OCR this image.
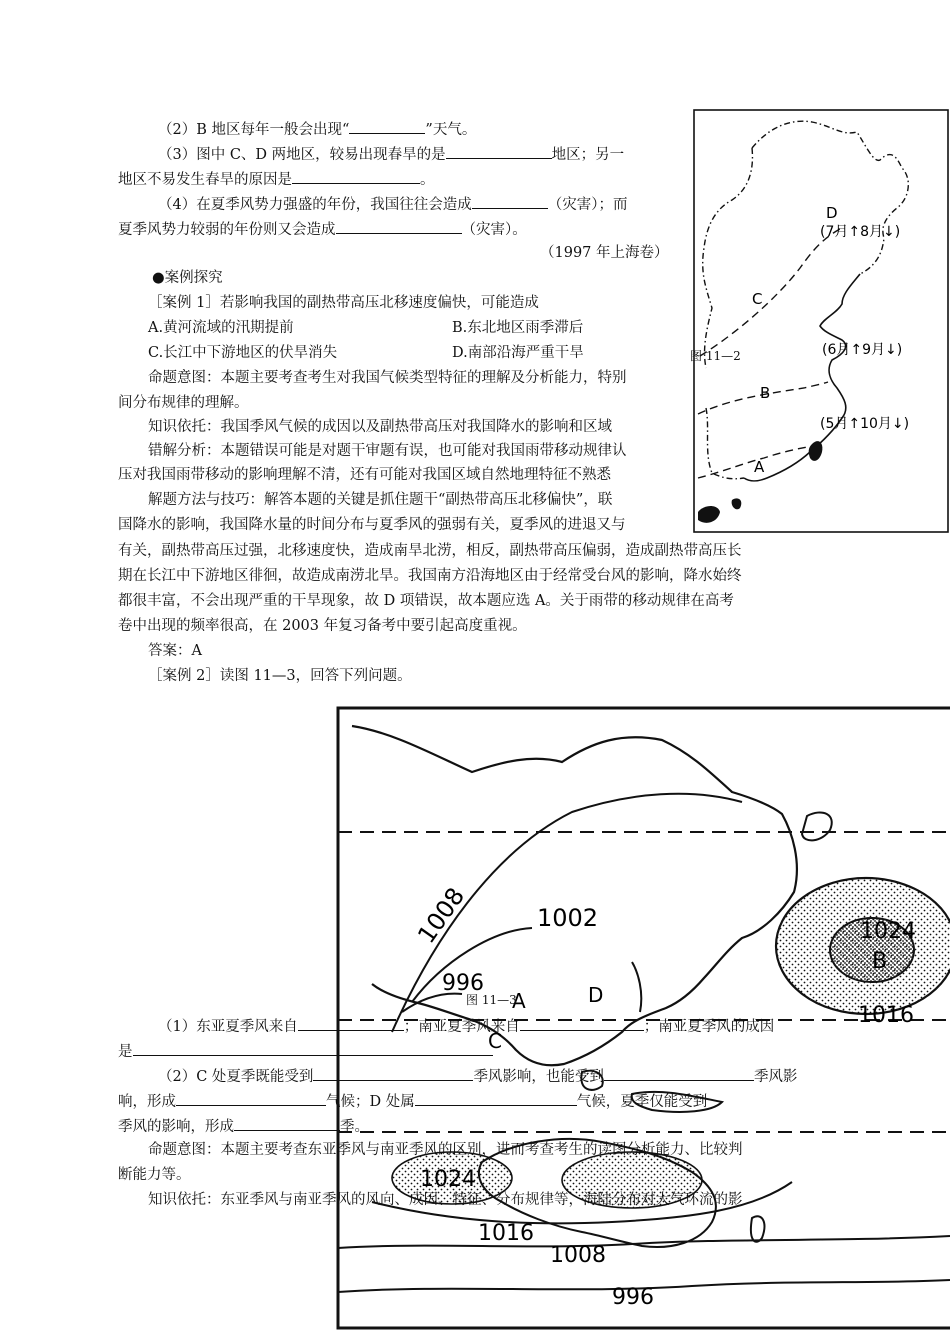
（2）B 地区每年一般会出现“	”天气。
（3）图中 C、D 两地区，较易出现春旱的是	地区；另一
地区不易发生春旱的原因是	。
（4）在夏季风势力强盛的年份，我国往往会造成	（灾害）；而
夏季风势力较弱的年份则又会造成	（灾害）。
（1997 年上海卷）
●案例探究
［案例 1］若影响我国的副热带高压北移速度偏快，可能造成
A.黄河流域的汛期提前	B.东北地区雨季滞后
C.长江中下游地区的伏旱消失	D.南部沿海严重干旱
命题意图：本题主要考查考生对我国气候类型特征的理解及分析能力，特别
间分布规律的理解。
知识依托：我国季风气候的成因以及副热带高压对我国降水的影响和区域
错解分析：本题错误可能是对题干审题有误，也可能对我国雨带移动规律认
压对我国雨带移动的影响理解不清，还有可能对我国区域自然地理特征不熟悉
解题方法与技巧：解答本题的关键是抓住题干“副热带高压北移偏快”，联
国降水的影响，我国降水量的时间分布与夏季风的强弱有关，夏季风的进退又与
有关，副热带高压过强，北移速度快，造成南旱北涝，相反，副热带高压偏弱，造成副热带高压长
期在长江中下游地区徘徊，故造成南涝北旱。我国南方沿海地区由于经常受台风的影响，降水始终
都很丰富，不会出现严重的干旱现象，故 D 项错误，故本题应选 A。关于雨带的移动规律在高考
卷中出现的频率很高，在 2003 年复习备考中要引起高度重视。
答案：A
［案例 2］读图 11—3，回答下列问题。
D
(7月↑8月↓)
C
(6月↑9月↓)
B
(5月↑10月↓)
A
图 11—2
1008	1002
996
A	D
C
1024
B
1016
1024
1016
1008
996
图 11—3
（1）东亚夏季风来自	；南亚夏季风来自	；南亚夏季风的成因
是
（2）C 处夏季既能受到	季风影响，也能受到	季风影
响，形成	气候；D 处属	气候，夏季仅能受到
季风的影响，形成	季。
命题意图：本题主要考查东亚季风与南亚季风的区别，进而考查考生的读图分析能力、比较判
断能力等。
知识依托：东亚季风与南亚季风的风向、成因、特征、分布规律等，海陆分布对大气环流的影
